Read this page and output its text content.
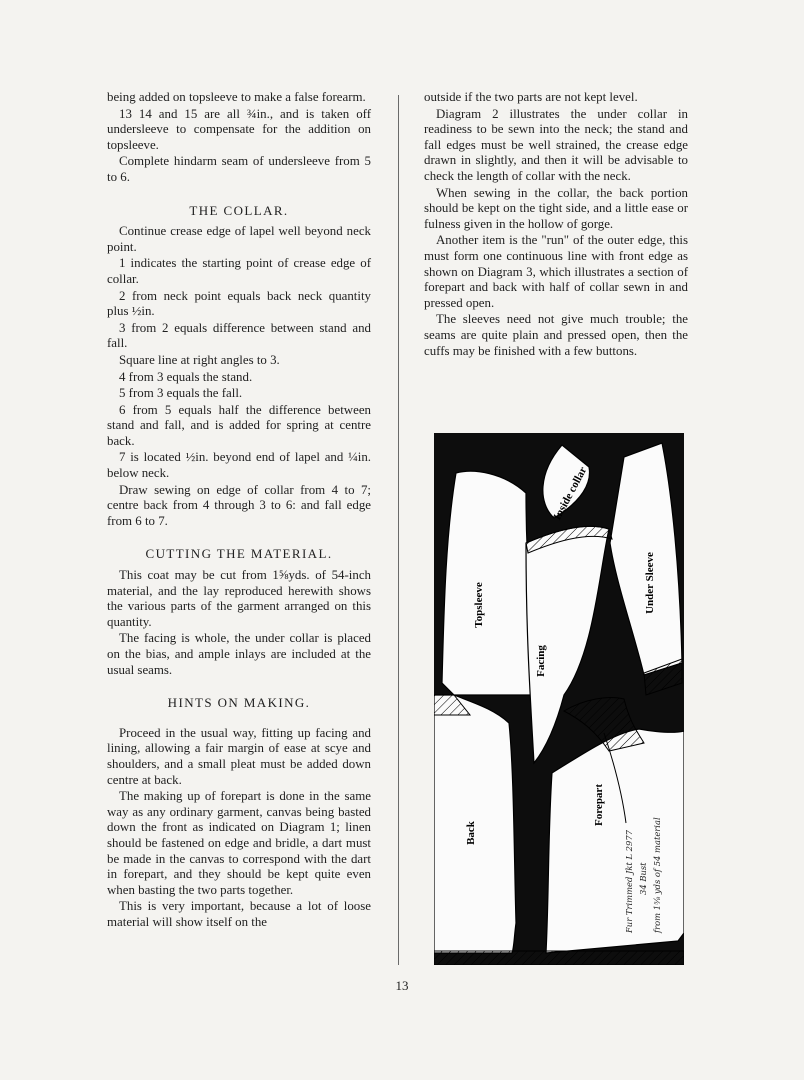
being added on topsleeve to make a false forearm.

13 14 and 15 are all ¾in., and is taken off undersleeve to compensate for the addition on topsleeve.

Complete hindarm seam of undersleeve from 5 to 6.

THE COLLAR.

Continue crease edge of lapel well beyond neck point.

1 indicates the starting point of crease edge of collar.

2 from neck point equals back neck quantity plus ½in.

3 from 2 equals difference between stand and fall.

Square line at right angles to 3.

4 from 3 equals the stand.

5 from 3 equals the fall.

6 from 5 equals half the difference between stand and fall, and is added for spring at centre back.

7 is located ½in. beyond end of lapel and ¼in. below neck.

Draw sewing on edge of collar from 4 to 7; centre back from 4 through 3 to 6: and fall edge from 6 to 7.

CUTTING THE MATERIAL.

This coat may be cut from 1⅝yds. of 54-inch material, and the lay reproduced herewith shows the various parts of the garment arranged on this quantity.

The facing is whole, the under collar is placed on the bias, and ample inlays are included at the usual seams.

HINTS ON MAKING.

Proceed in the usual way, fitting up facing and lining, allowing a fair margin of ease at scye and shoulders, and a small pleat must be added down centre at back.

The making up of forepart is done in the same way as any ordinary garment, canvas being basted down the front as indicated on Diagram 1; linen should be fastened on edge and bridle, a dart must be made in the canvas to correspond with the dart in forepart, and they should be kept quite even when basting the two parts together.

This is very important, because a lot of loose material will show itself on the

outside if the two parts are not kept level.

Diagram 2 illustrates the under collar in readiness to be sewn into the neck; the stand and fall edges must be well strained, the crease edge drawn in slightly, and then it will be advisable to check the length of collar with the neck.

When sewing in the collar, the back portion should be kept on the tight side, and a little ease or fulness given in the hollow of gorge.

Another item is the "run" of the outer edge, this must form one continuous line with front edge as shown on Diagram 3, which illustrates a section of forepart and back with half of collar sewn in and pressed open.

The sleeves need not give much trouble; the seams are quite plain and pressed open, then the cuffs may be finished with a few buttons.

Inside collar
Topsleeve	Under Sleeve
Facing
Forepart
Back	Fur Trimmed Jkt L 2977 34 Bust from 1⅝ yds of 54 material
13
